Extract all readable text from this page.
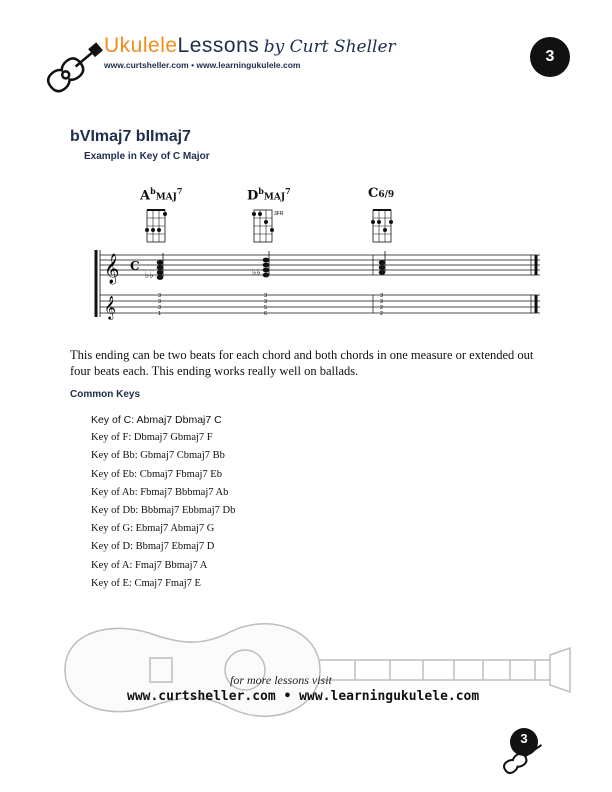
UkuleleLessons by Curt Sheller
www.curtsheller.com • www.learningukulele.com	3
bVImaj7 bIImaj7
Example in Key of C Major
$A^bMAJ^7$	$D^bMAJ^7$	C6/9
3FR
𝄞 C
♭♭	♭♭
𝄞	3
3
3
1
3
3
5
6
3
3
2
2
This ending can be two beats for each chord and both chords in one measure or extended out four beats each. This ending works really well on ballads.
Common Keys
Key of C: Abmaj7 Dbmaj7 C
Key of F: Dbmaj7 Gbmaj7 F
Key of Bb: Gbmaj7 Cbmaj7 Bb
Key of Eb: Cbmaj7 Fbmaj7 Eb
Key of Ab: Fbmaj7 Bbbmaj7 Ab
Key of Db: Bbbmaj7 Ebbmaj7 Db
Key of G: Ebmaj7 Abmaj7 G
Key of D: Bbmaj7 Ebmaj7 D
Key of A: Fmaj7 Bbmaj7 A
Key of E: Cmaj7 Fmaj7 E
for more lessons visit
www.curtsheller.com • www.learningukulele.com
3
